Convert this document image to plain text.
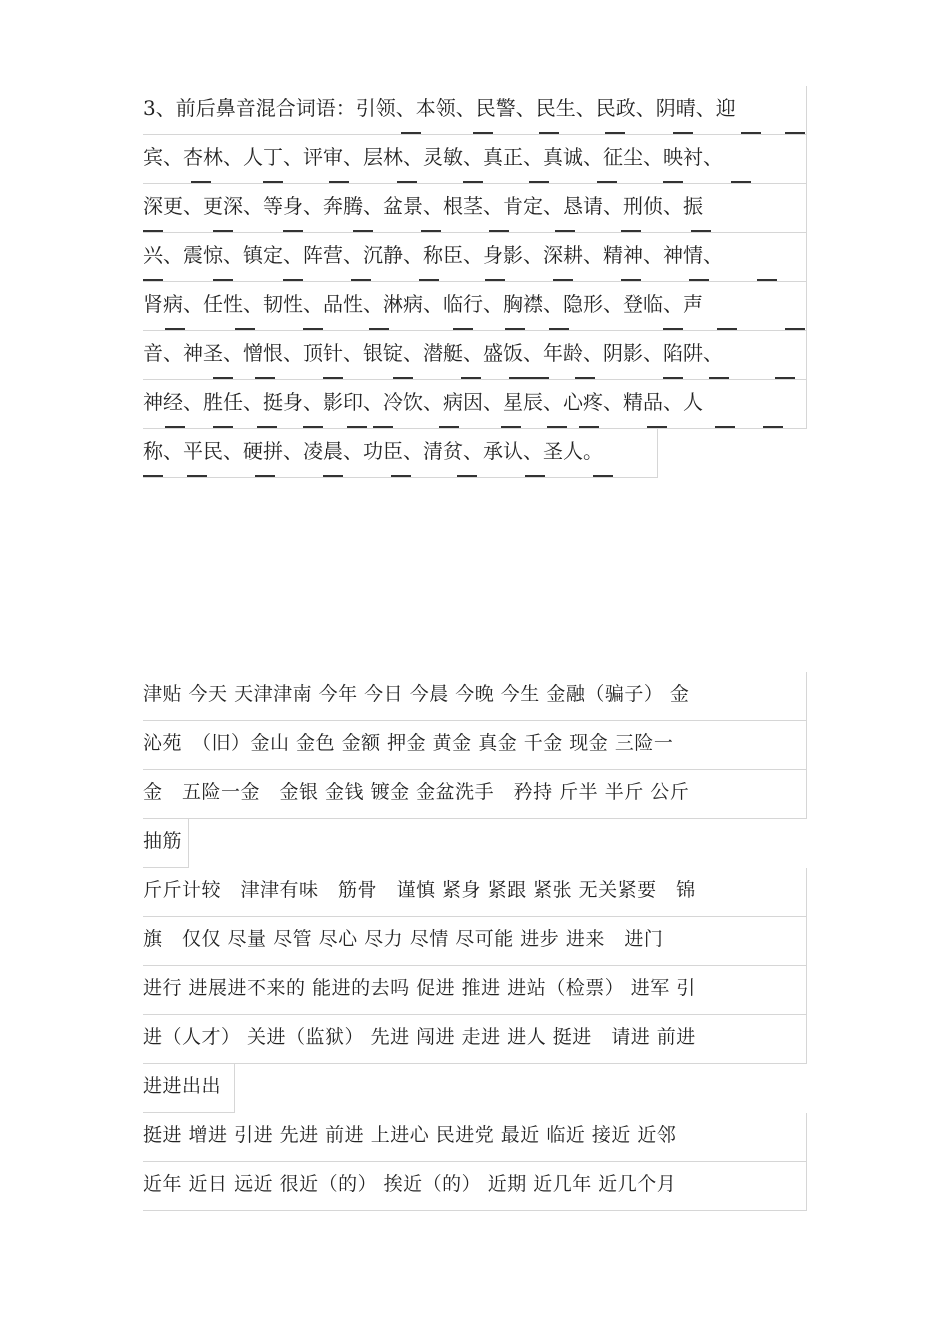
3、前后鼻音混合词语：引领、本领、民警、民生、民政、阴晴、迎
宾、杏林、人丁、评审、层林、灵敏、真正、真诚、征尘、映衬、
深更、更深、等身、奔腾、盆景、根茎、肯定、恳请、刑侦、振
兴、震惊、镇定、阵营、沉静、称臣、身影、深耕、精神、神情、
肾病、任性、韧性、品性、淋病、临行、胸襟、隐形、登临、声
音、神圣、憎恨、顶针、银锭、潜艇、盛饭、年龄、阴影、陷阱、
神经、胜任、挺身、影印、冷饮、病因、星辰、心疼、精品、人
称、平民、硬拼、凌晨、功臣、清贫、承认、圣人。
津贴 今天 天津津南 今年 今日 今晨 今晚 今生 金融（骗子） 金
沁苑　（旧）金山 金色 金额 押金 黄金 真金 千金 现金 三险一
金　五险一金　金银 金钱 镀金 金盆洗手　矜持 斤半 半斤 公斤
抽筋
斤斤计较　津津有味　筋骨　谨慎 紧身 紧跟 紧张 无关紧要　锦
旗　仅仅 尽量 尽管 尽心 尽力 尽情 尽可能 进步 进来　进门
进行 进展进不来的 能进的去吗 促进 推进 进站（检票） 进军 引
进（人才） 关进（监狱） 先进 闯进 走进 进人 挺进　请进 前进
进进出出
挺进 增进 引进 先进 前进 上进心 民进党 最近 临近 接近 近邻
近年 近日 远近 很近（的） 挨近（的） 近期 近几年 近几个月
